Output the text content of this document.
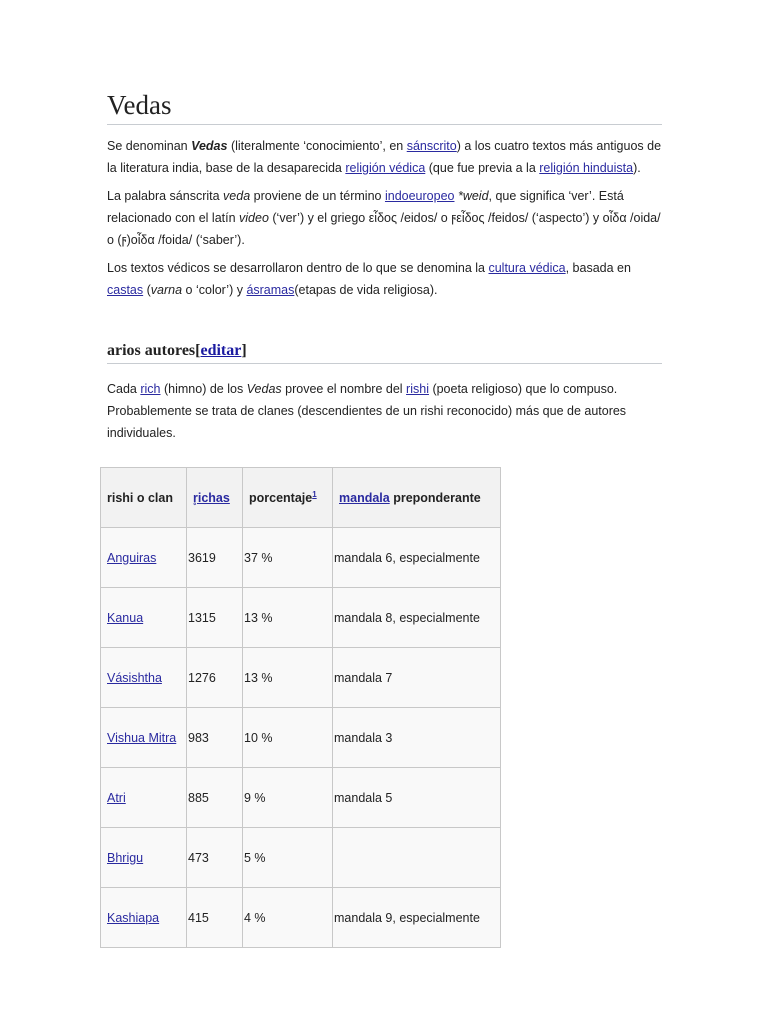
Vedas

Se denominan Vedas (literalmente ‘conocimiento’, en sánscrito) a los cuatro textos más antiguos de la literatura india, base de la desaparecida religión védica (que fue previa a la religión hinduista).

La palabra sánscrita veda proviene de un término indoeuropeo *weid, que significa ‘ver’. Está relacionado con el latín video (‘ver’) y el griego εἶδος /eidos/ o ϝεἶδος /feidos/ (‘aspecto’) y οἶδα /oida/ o (ϝ)οἶδα /foida/ (‘saber’).

Los textos védicos se desarrollaron dentro de lo que se denomina la cultura védica, basada en castas (varna o ‘color’) y ásramas(etapas de vida religiosa).

arios autores[editar]

Cada rich (himno) de los Vedas provee el nombre del rishi (poeta religioso) que lo compuso. Probablemente se trata de clanes (descendientes de un rishi reconocido) más que de autores individuales.

rishi o clan	r̥ichas	porcentaje$^1$	mandala preponderante
Anguiras	3619	37 %	mandala 6, especialmente
Kanua	1315	13 %	mandala 8, especialmente
Vásishtha	1276	13 %	mandala 7
Vishua Mitra	983	10 %	mandala 3
Atri	885	9 %	mandala 5
Bhrigu	473	5 %	
Kashiapa	415	4 %	mandala 9, especialmente
